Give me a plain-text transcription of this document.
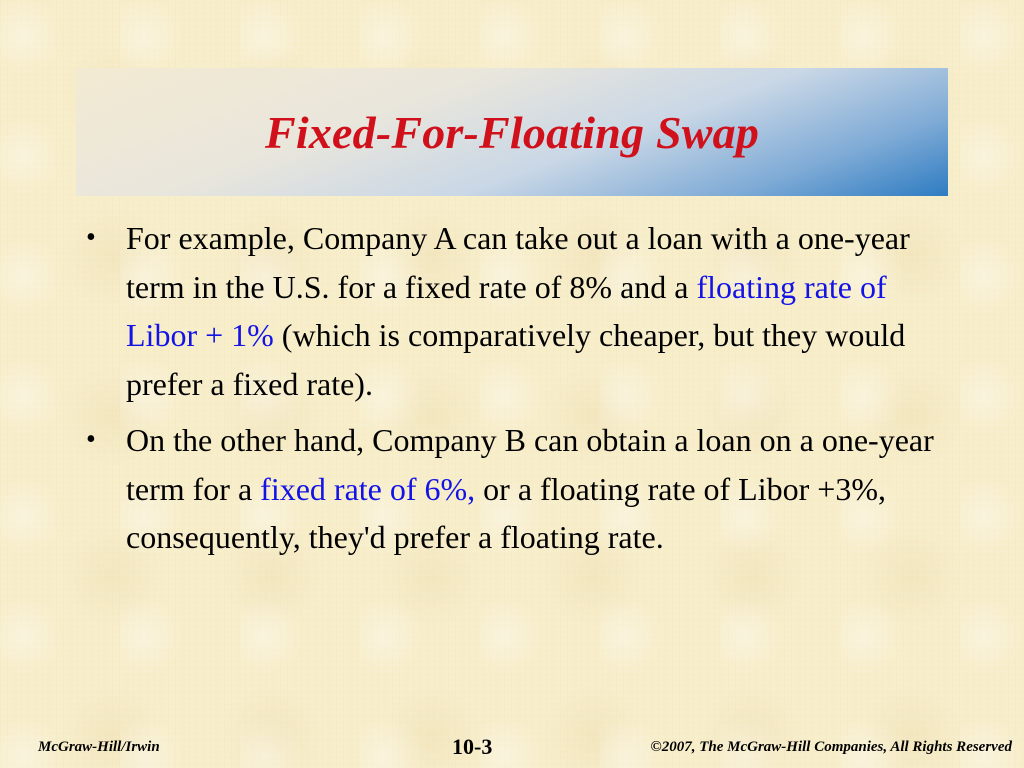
Fixed-For-Floating Swap
• For example, Company A can take out a loan with a one-year term in the U.S. for a fixed rate of 8% and a floating rate of Libor + 1% (which is comparatively cheaper, but they would prefer a fixed rate).
• On the other hand, Company B can obtain a loan on a one-year term for a fixed rate of 6%, or a floating rate of Libor +3%, consequently, they'd prefer a floating rate.
McGraw-Hill/Irwin	10-3	©2007, The McGraw-Hill Companies, All Rights Reserved
